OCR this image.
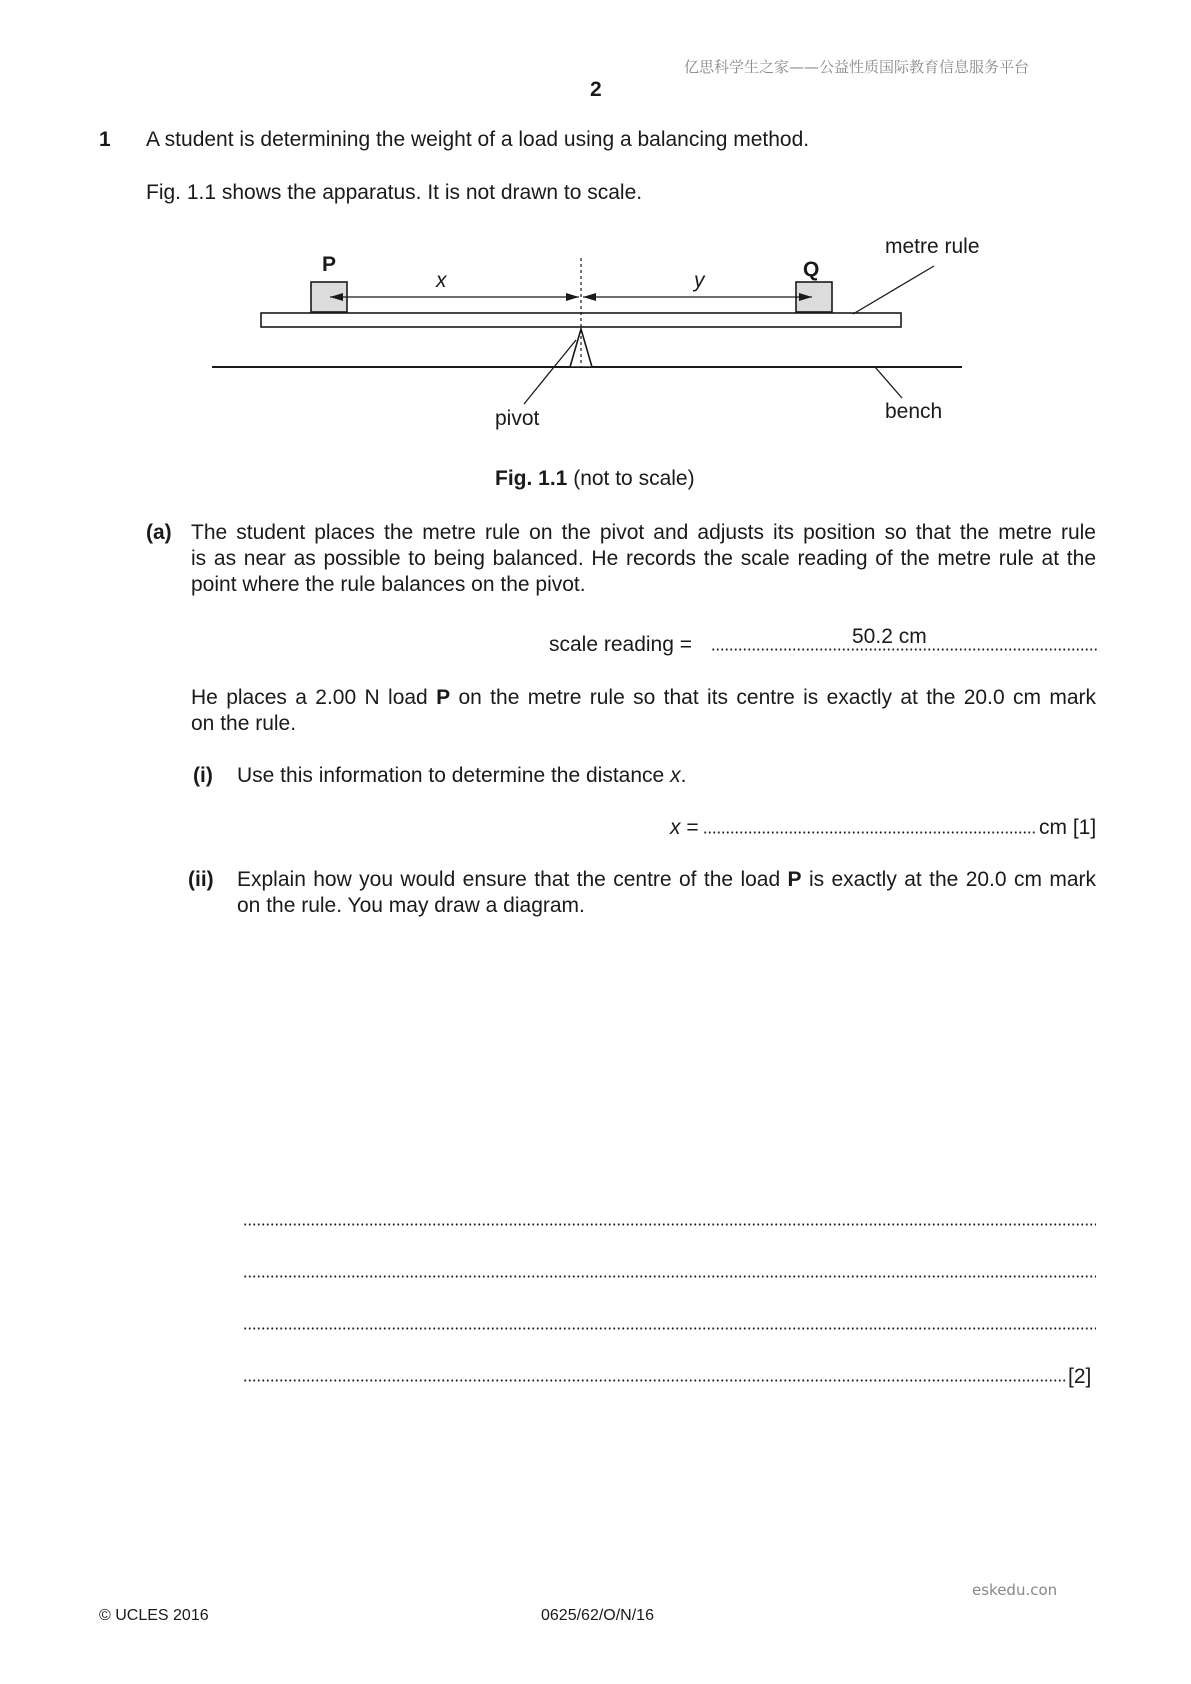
亿思科学生之家——公益性质国际教育信息服务平台
2
1 A student is determining the weight of a load using a balancing method.
Fig. 1.1 shows the apparatus. It is not drawn to scale.
P	Q
x	y
metre rule
pivot	bench
Fig. 1.1 (not to scale)
(a) The student places the metre rule on the pivot and adjusts its position so that the metre rule
is as near as possible to being balanced. He records the scale reading of the metre rule at the
point where the rule balances on the pivot.
scale reading =	50.2 cm
He places a 2.00 N load P on the metre rule so that its centre is exactly at the 20.0 cm mark
on the rule.
(i) Use this information to determine the distance x.
x =	cm [1]
(ii) Explain how you would ensure that the centre of the load P is exactly at the 20.0 cm mark
on the rule. You may draw a diagram.
[2]
eskedu.con
© UCLES 2016	0625/62/O/N/16
